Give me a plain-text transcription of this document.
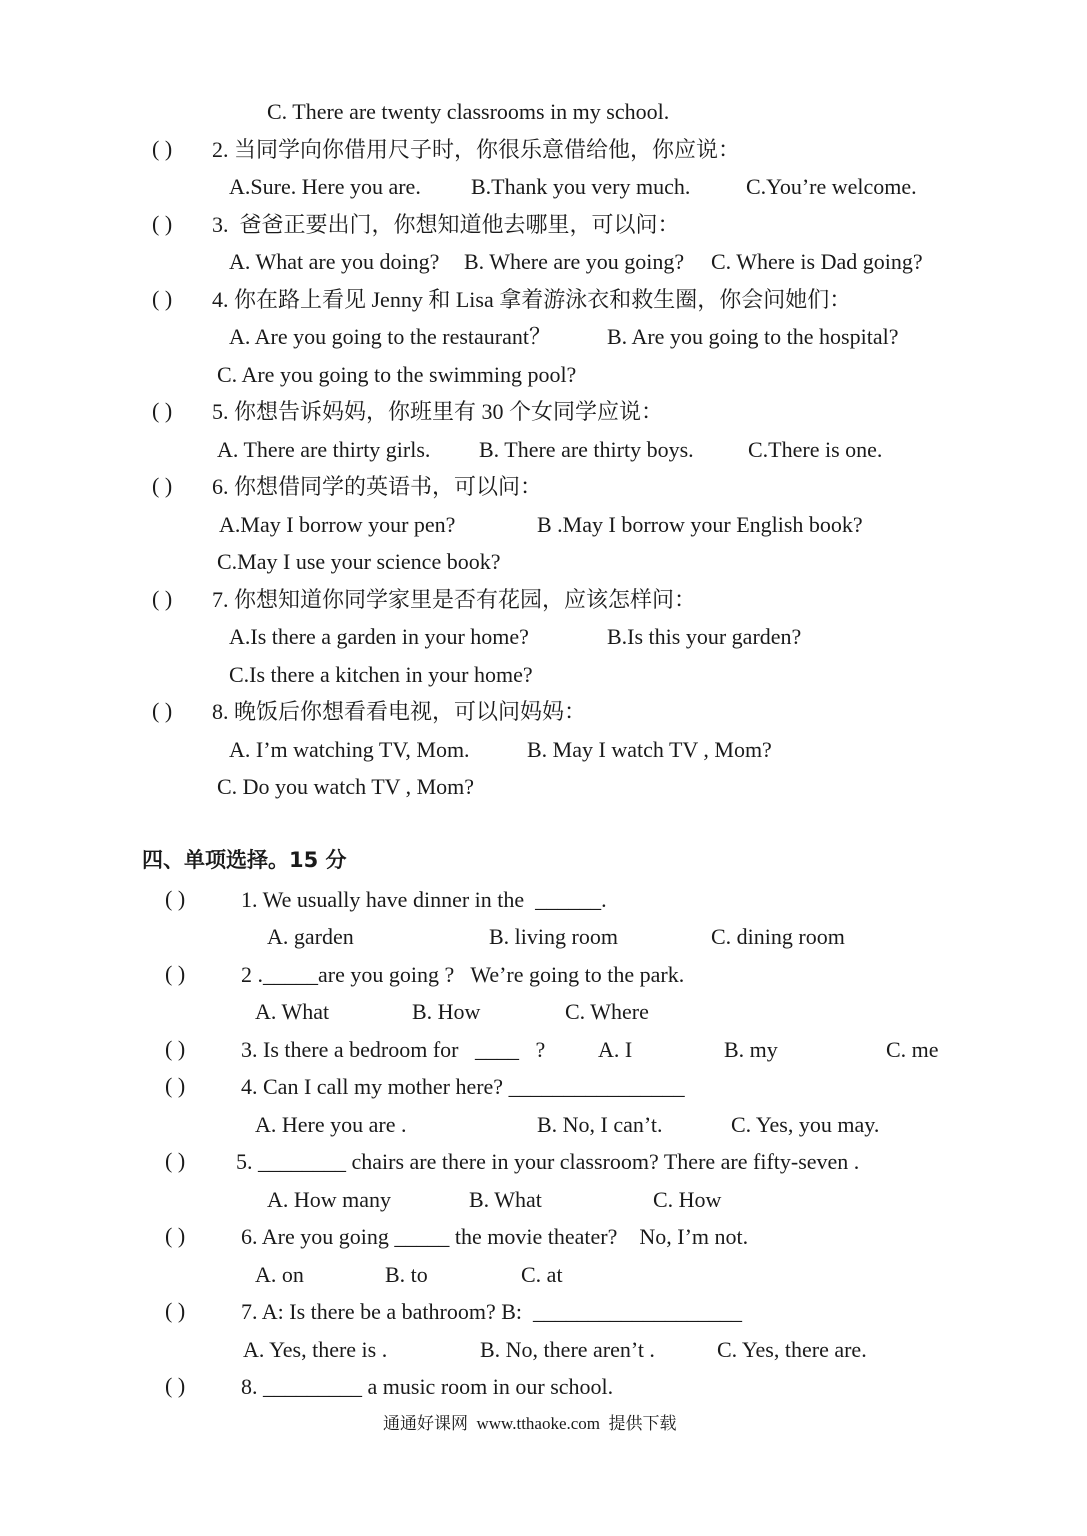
C. There are twenty classrooms in my school.
( ) 2. 当同学向你借用尺子时，你很乐意借给他，你应说：
A.Sure. Here you are. B.Thank you very much.	C.You’re welcome.
( ) 3.  爸爸正要出门，你想知道他去哪里，可以问：
A. What are you doing? B. Where are you going? C. Where is Dad going?
( ) 4. 你在路上看见 Jenny 和 Lisa 拿着游泳衣和救生圈，你会问她们：
A. Are you going to the restaurant？	B. Are you going to the hospital?
C. Are you going to the swimming pool?
( ) 5. 你想告诉妈妈，你班里有 30 个女同学应说：
A. There are thirty girls. B. There are thirty boys. C.There is one.
( ) 6. 你想借同学的英语书，可以问：
A.May I borrow your pen?	B .May I borrow your English book?
C.May I use your science book?
( ) 7. 你想知道你同学家里是否有花园，应该怎样问：
A.Is there a garden in your home?	B.Is this your garden?
C.Is there a kitchen in your home?
( ) 8. 晚饭后你想看看电视，可以问妈妈：
A. I’m watching TV, Mom.	B. May I watch TV , Mom?
C. Do you watch TV , Mom?
四、单项选择。15 分
( )	1. We usually have dinner in the  ______.
A. garden	B. living room	C. dining room
( )	2 ._____are you going ?   We’re going to the park.
A. What	B. How	C. Where
( )	3. Is there a bedroom for   ____   ? A. I	B. my	C. me
( )	4. Can I call my mother here? ________________
A. Here you are .	B. No, I can’t.	C. Yes, you may.
( ) 5. ________ chairs are there in your classroom? There are fifty-seven .
A. How many	B. What	C. How
( )	6. Are you going _____ the movie theater?    No, I’m not.
A. on	B. to	C. at
( )	7. A: Is there be a bathroom? B:  ___________________
A. Yes, there is .	B. No, there aren’t .	C. Yes, there are.
( )	8. _________ a music room in our school.
通通好课网  www.tthaoke.com  提供下载
